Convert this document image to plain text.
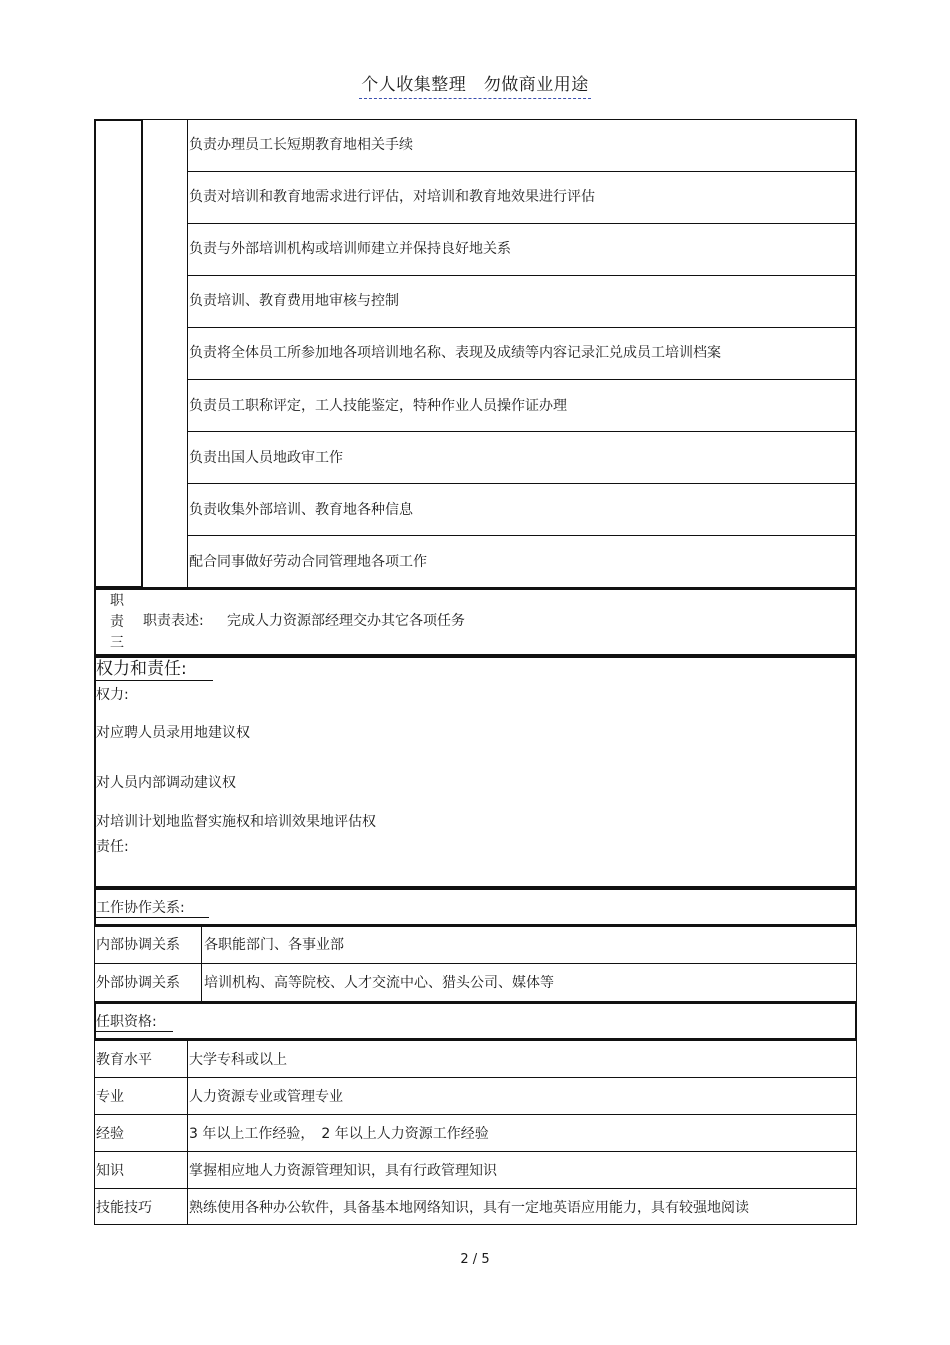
个人收集整理　勿做商业用途
负责办理员工长短期教育地相关手续
负责对培训和教育地需求进行评估，对培训和教育地效果进行评估
负责与外部培训机构或培训师建立并保持良好地关系
负责培训、教育费用地审核与控制
负责将全体员工所参加地各项培训地名称、表现及成绩等内容记录汇兑成员工培训档案
负责员工职称评定，工人技能鉴定，特种作业人员操作证办理
负责出国人员地政审工作
负责收集外部培训、教育地各种信息
配合同事做好劳动合同管理地各项工作
职
责
三
职责表述: 完成人力资源部经理交办其它各项任务
权力和责任:
权力:
对应聘人员录用地建议权
对人员内部调动建议权
对培训计划地监督实施权和培训效果地评估权
责任:
工作协作关系:
内部协调关系 各职能部门、各事业部
外部协调关系 培训机构、高等院校、人才交流中心、猎头公司、媒体等
任职资格:
教育水平	大学专科或以上
专业	人力资源专业或管理专业
经验	3 年以上工作经验，　2 年以上人力资源工作经验
知识	掌握相应地人力资源管理知识，具有行政管理知识
技能技巧	熟练使用各种办公软件，具备基本地网络知识，具有一定地英语应用能力，具有较强地阅读
2 / 5
